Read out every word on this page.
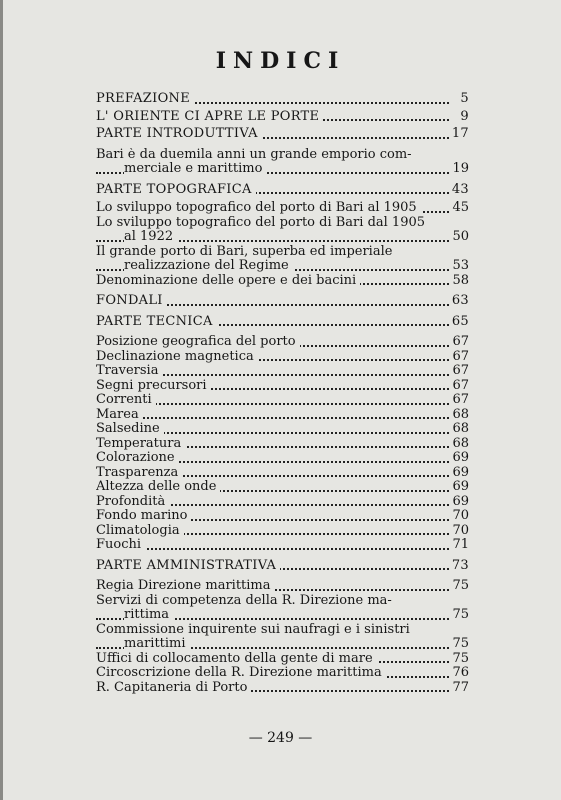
INDICI
PREFAZIONE	5
L' ORIENTE CI APRE LE PORTE	9
PARTE INTRODUTTIVA	17
Bari è da duemila anni un grande emporio com-
merciale e marittimo	19
PARTE TOPOGRAFICA	43
Lo sviluppo topografico del porto di Bari al 1905	45
Lo sviluppo topografico del porto di Bari dal 1905
al 1922	50
Il grande porto di Bari, superba ed imperiale
realizzazione del Regime	53
Denominazione delle opere e dei bacini	58
FONDALI	63
PARTE TECNICA	65
Posizione geografica del porto	67
Declinazione magnetica	67
Traversia	67
Segni precursori	67
Correnti	67
Marea	68
Salsedine	68
Temperatura	68
Colorazione	69
Trasparenza	69
Altezza delle onde	69
Profondità	69
Fondo marino	70
Climatologia	70
Fuochi	71
PARTE AMMINISTRATIVA	73
Regia Direzione marittima	75
Servizi di competenza della R. Direzione ma-
rittima	75
Commissione inquirente sui naufragi e i sinistri
marittimi	75
Uffici di collocamento della gente di mare	75
Circoscrizione della R. Direzione marittima	76
R. Capitaneria di Porto	77
— 249 —
